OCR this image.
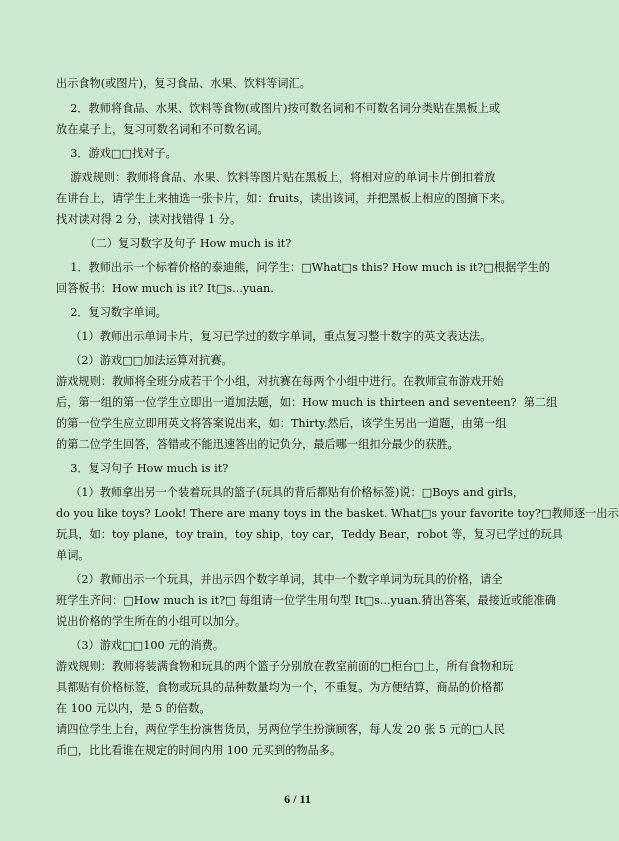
出示食物(或图片)，复习食品、水果、饮料等词汇。
2．教师将食品、水果、饮料等食物(或图片)按可数名词和不可数名词分类贴在黑板上或
放在桌子上，复习可数名词和不可数名词。
3．游戏□□找对子。
游戏规则：教师将食品、水果、饮料等图片贴在黑板上，将相对应的单词卡片倒扣着放
在讲台上，请学生上来抽选一张卡片，如：fruits，读出该词，并把黑板上相应的图摘下来。
找对读对得 2 分，读对找错得 1 分。
（二）复习数字及句子 How much is it?
1．教师出示一个标着价格的泰迪熊，问学生：□What□s this? How much is it?□根据学生的
回答板书：How much is it? It□s...yuan.
2．复习数字单词。
（1）教师出示单词卡片，复习已学过的数字单词，重点复习整十数字的英文表达法。
（2）游戏□□加法运算对抗赛。
游戏规则：教师将全班分成若干个小组，对抗赛在每两个小组中进行。在教师宣布游戏开始
后，第一组的第一位学生立即出一道加法题，如：How much is thirteen and seventeen?  第二组
的第一位学生应立即用英文将答案说出来，如：Thirty.然后，该学生另出一道题，由第一组
的第二位学生回答，答错或不能迅速答出的记负分，最后哪一组扣分最少的获胜。
3．复习句子 How much is it?
（1）教师拿出另一个装着玩具的篮子(玩具的背后都贴有价格标签)说：□Boys and girls，
do you like toys? Look! There are many toys in the basket. What□s your favorite toy?□教师逐一出示
玩具，如：toy plane，toy train，toy ship，toy car，Teddy Bear，robot 等，复习已学过的玩具
单词。
（2）教师出示一个玩具，并出示四个数字单词，其中一个数字单词为玩具的价格，请全
班学生齐问：□How much is it?□ 每组请一位学生用句型 It□s...yuan.猜出答案，最接近或能准确
说出价格的学生所在的小组可以加分。
（3）游戏□□100 元的消费。
游戏规则：教师将装满食物和玩具的两个篮子分别放在教室前面的□柜台□上，所有食物和玩
具都贴有价格标签，食物或玩具的品种数量均为一个，不重复。为方便结算，商品的价格都
在 100 元以内，是 5 的倍数。
请四位学生上台，两位学生扮演售货员，另两位学生扮演顾客，每人发 20 张 5 元的□人民
币□，比比看谁在规定的时间内用 100 元买到的物品多。
6 / 11
